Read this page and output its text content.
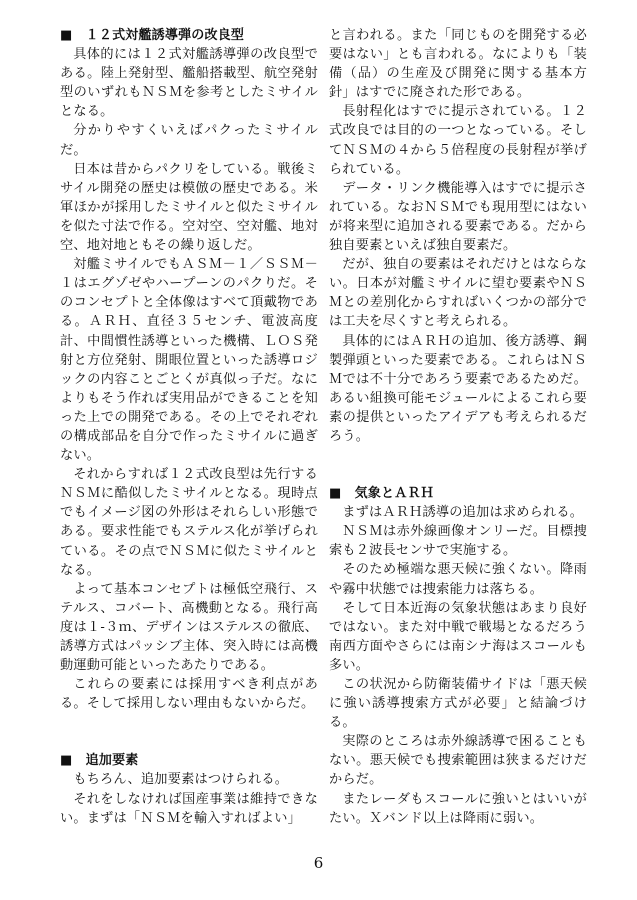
■　１２式対艦誘導弾の改良型

具体的には１２式対艦誘導弾の改良型である。陸上発射型、艦船搭載型、航空発射型のいずれもＮＳＭを参考としたミサイルとなる。

分かりやすくいえばパクったミサイルだ。

日本は昔からパクリをしている。戦後ミサイル開発の歴史は模倣の歴史である。米軍ほかが採用したミサイルと似たミサイルを似た寸法で作る。空対空、空対艦、地対空、地対地ともその繰り返しだ。

対艦ミサイルでもＡＳＭ－１／ＳＳＭ－１はエグゾゼやハープーンのパクりだ。そのコンセプトと全体像はすべて頂戴物である。ＡＲＨ、直径３５センチ、電波高度計、中間慣性誘導といった機構、ＬＯＳ発射と方位発射、開眼位置といった誘導ロジックの内容ことごとくが真似っ子だ。なによりもそう作れば実用品ができることを知った上での開発である。その上でそれぞれの構成部品を自分で作ったミサイルに過ぎない。

それからすれば１２式改良型は先行するＮＳＭに酷似したミサイルとなる。現時点でもイメージ図の外形はそれらしい形態である。要求性能でもステルス化が挙げられている。その点でＮＳＭに似たミサイルとなる。

よって基本コンセプトは極低空飛行、ステルス、コバート、高機動となる。飛行高度は１-３ｍ、デザインはステルスの徹底、誘導方式はパッシブ主体、突入時には高機動運動可能といったあたりである。

これらの要素には採用すべき利点がある。そして採用しない理由もないからだ。

■　追加要素

もちろん、追加要素はつけられる。

それをしなければ国産事業は維持できない。まずは「ＮＳＭを輸入すればよい」

と言われる。また「同じものを開発する必要はない」とも言われる。なによりも「装備（品）の生産及び開発に関する基本方針」はすでに廃された形である。

長射程化はすでに提示されている。１２式改良では目的の一つとなっている。そしてＮＳＭの４から５倍程度の長射程が挙げられている。

データ・リンク機能導入はすでに提示されている。なおＮＳＭでも現用型にはないが将来型に追加される要素である。だから独自要素といえば独自要素だ。

だが、独自の要素はそれだけとはならない。日本が対艦ミサイルに望む要素やＮＳＭとの差別化からすればいくつかの部分では工夫を尽くすと考えられる。

具体的にはＡＲＨの追加、後方誘導、鋼製弾頭といった要素である。これらはＮＳＭでは不十分であろう要素であるためだ。あるい組換可能モジュールによるこれら要素の提供といったアイデアも考えられるだろう。

■　気象とＡＲＨ

まずはＡＲＨ誘導の追加は求められる。

ＮＳＭは赤外線画像オンリーだ。目標捜索も２波長センサで実施する。

そのため極端な悪天候に強くない。降雨や霧中状態では捜索能力は落ちる。

そして日本近海の気象状態はあまり良好ではない。また対中戦で戦場となるだろう南西方面やさらには南シナ海はスコールも多い。

この状況から防衛装備サイドは「悪天候に強い誘導捜索方式が必要」と結論づける。

実際のところは赤外線誘導で困ることもない。悪天候でも捜索範囲は狭まるだけだからだ。

またレーダもスコールに強いとはいいがたい。Ｘバンド以上は降雨に弱い。

6
